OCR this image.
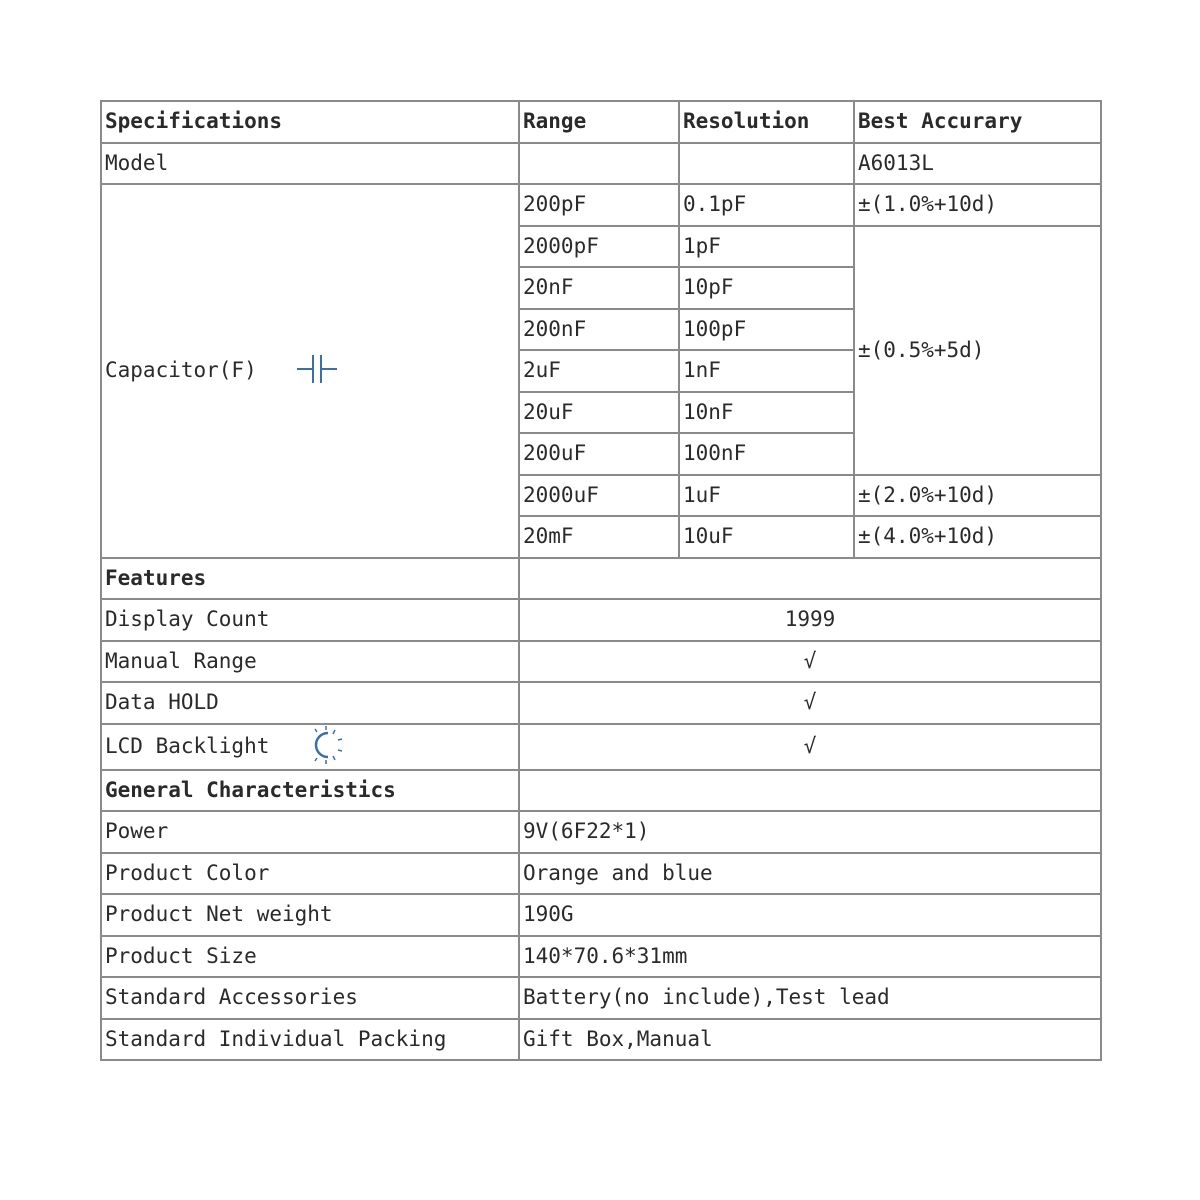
Specifications	Range	Resolution	Best Accurary
Model			A6013L
Capacitor(F)	200pF	0.1pF	±(1.0%+10d)
	2000pF	1pF	±(0.5%+5d)
	20nF	10pF	
	200nF	100pF	
	2uF	1nF	
	20uF	10nF	
	200uF	100nF	
	2000uF	1uF	±(2.0%+10d)
	20mF	10uF	±(4.0%+10d)
Features			
Display Count	1999		
Manual Range	√		
Data HOLD	√		
LCD Backlight	√		
General Characteristics			
Power	9V(6F22*1)		
Product Color	Orange and blue		
Product Net weight	190G		
Product Size	140*70.6*31mm		
Standard Accessories	Battery(no include),Test lead		
Standard Individual Packing	Gift Box,Manual		
